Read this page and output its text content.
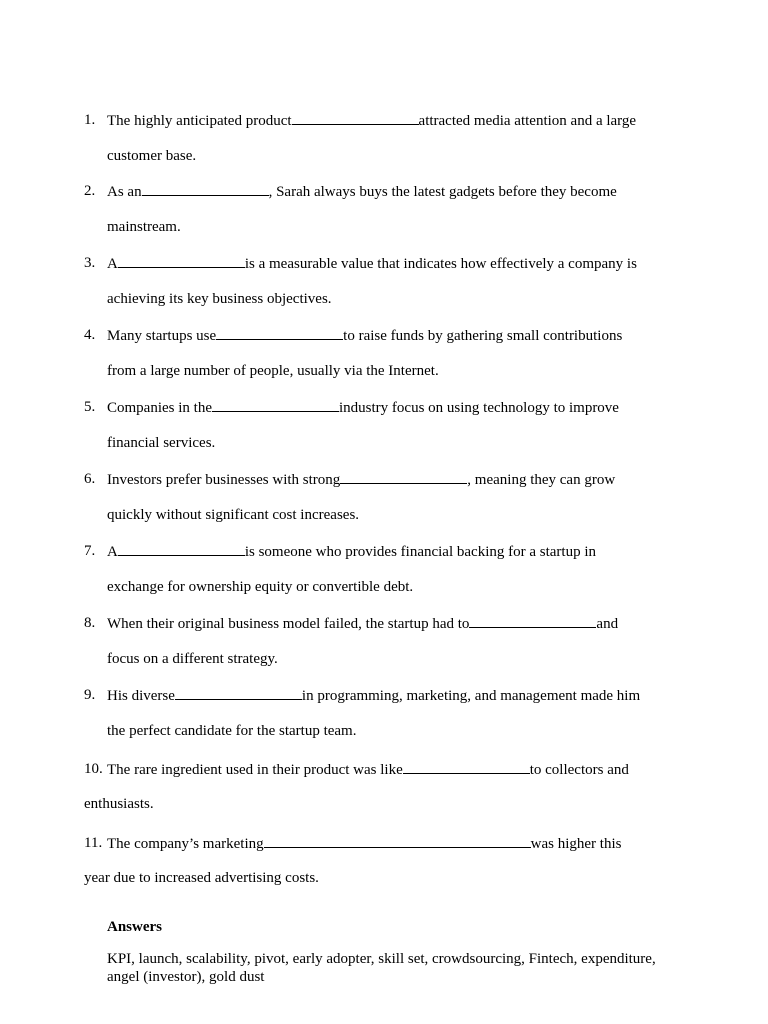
1. The highly anticipated product	attracted media attention and a large
customer base.
2. As an	, Sarah always buys the latest gadgets before they become
mainstream.
3. A	is a measurable value that indicates how effectively a company is
achieving its key business objectives.
4. Many startups use	to raise funds by gathering small contributions
from a large number of people, usually via the Internet.
5. Companies in the	industry focus on using technology to improve
financial services.
6. Investors prefer businesses with strong	, meaning they can grow
quickly without significant cost increases.
7. A	is someone who provides financial backing for a startup in
exchange for ownership equity or convertible debt.
8. When their original business model failed, the startup had to	and
focus on a different strategy.
9. His diverse	in programming, marketing, and management made him
the perfect candidate for the startup team.
10. The rare ingredient used in their product was like	to collectors and
enthusiasts.
11. The company’s marketing	was higher this
year due to increased advertising costs.
Answers
KPI, launch, scalability, pivot, early adopter, skill set, crowdsourcing, Fintech, expenditure, angel (investor), gold dust
